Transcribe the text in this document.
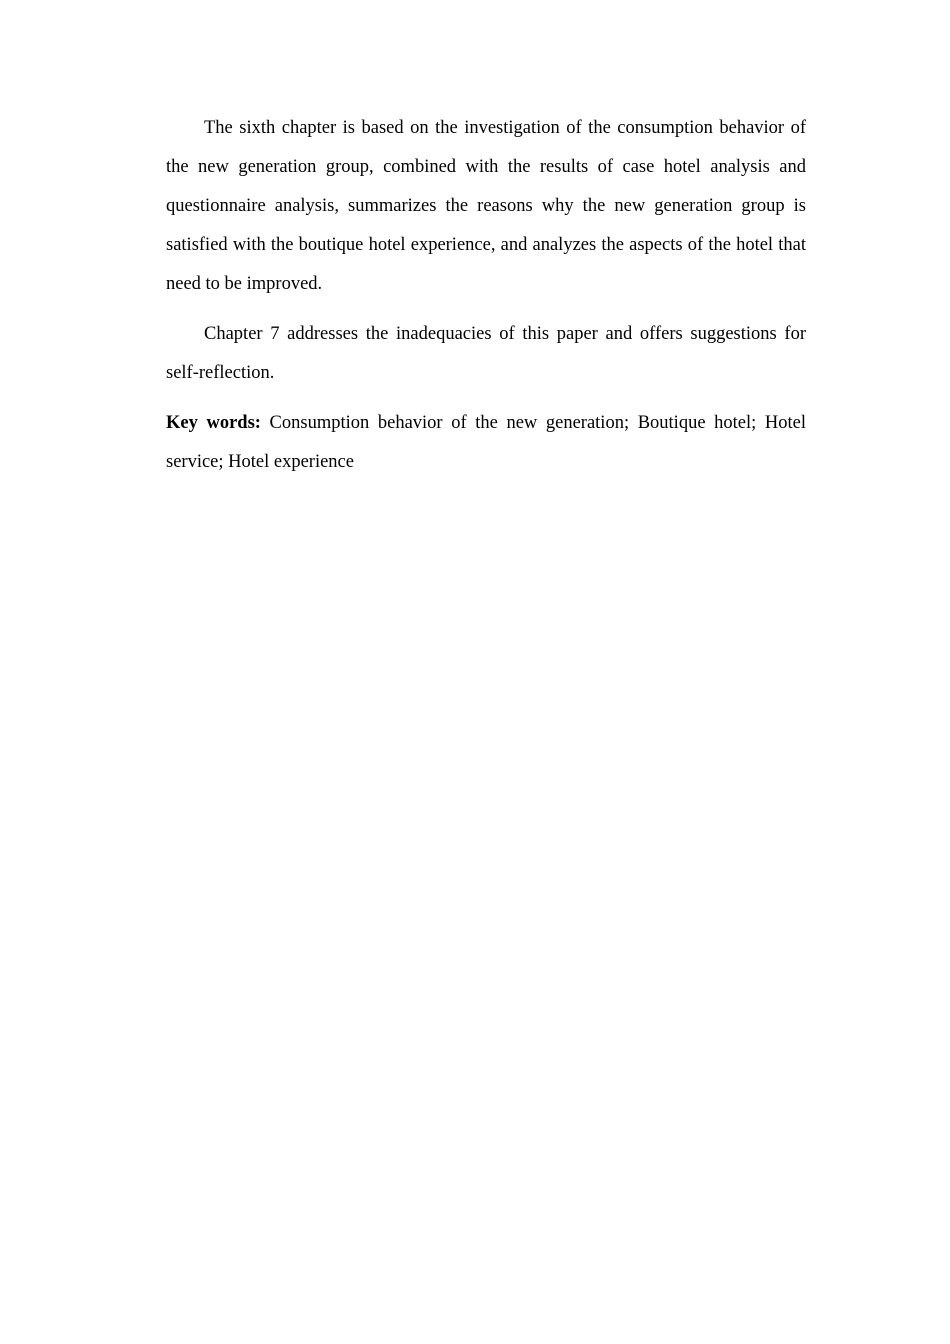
The sixth chapter is based on the investigation of the consumption behavior of the new generation group, combined with the results of case hotel analysis and questionnaire analysis, summarizes the reasons why the new generation group is satisfied with the boutique hotel experience, and analyzes the aspects of the hotel that need to be improved.

Chapter 7 addresses the inadequacies of this paper and offers suggestions for self-reflection.

Key words: Consumption behavior of the new generation; Boutique hotel; Hotel service; Hotel experience
